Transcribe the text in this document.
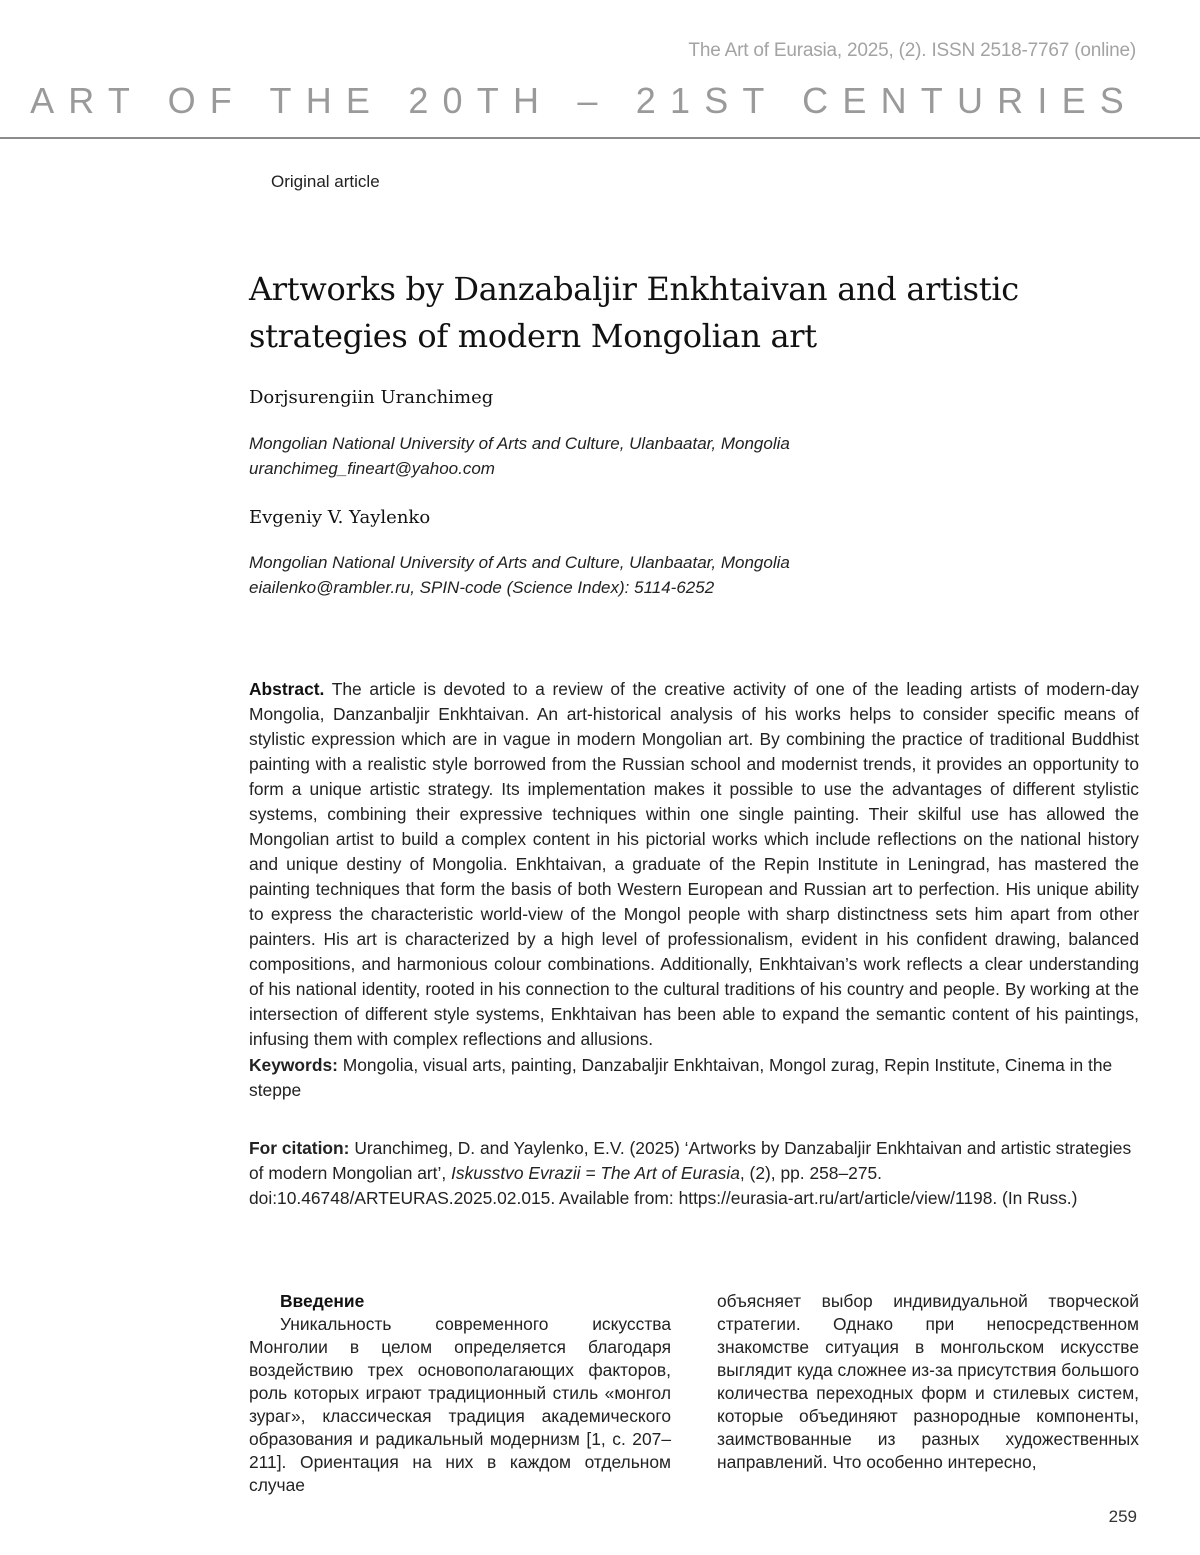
The Art of Eurasia, 2025, (2). ISSN 2518-7767 (online)
ART OF THE 20TH – 21ST CENTURIES
Original article
Artworks by Danzabaljir Enkhtaivan and artistic
strategies of modern Mongolian art
Dorjsurengiin Uranchimeg
Mongolian National University of Arts and Culture, Ulanbaatar, Mongolia
uranchimeg_fineart@yahoo.com
Evgeniy V. Yaylenko
Mongolian National University of Arts and Culture, Ulanbaatar, Mongolia
eiailenko@rambler.ru, SPIN-code (Science Index): 5114-6252
Abstract. The article is devoted to a review of the creative activity of one of the leading artists of modern-day Mongolia, Danzanbaljir Enkhtaivan. An art-historical analysis of his works helps to consider specific means of stylistic expression which are in vague in modern Mongolian art. By combining the practice of traditional Buddhist painting with a realistic style borrowed from the Russian school and modernist trends, it provides an opportunity to form a unique artistic strategy. Its implementation makes it possible to use the advantages of different stylistic systems, combining their expressive techniques within one single painting. Their skilful use has allowed the Mongolian artist to build a complex content in his pictorial works which include reflections on the national history and unique destiny of Mongolia. Enkhtaivan, a graduate of the Repin Institute in Leningrad, has mastered the painting techniques that form the basis of both Western European and Russian art to perfection. His unique ability to express the characteristic world-view of the Mongol people with sharp distinctness sets him apart from other painters. His art is characterized by a high level of professionalism, evident in his confident drawing, balanced compositions, and harmonious colour combinations. Additionally, Enkhtaivan’s work reflects a clear understanding of his national identity, rooted in his connection to the cultural traditions of his country and people. By working at the intersection of different style systems, Enkhtaivan has been able to expand the semantic content of his paintings, infusing them with complex reflections and allusions.
Keywords: Mongolia, visual arts, painting, Danzabaljir Enkhtaivan, Mongol zurag, Repin Institute, Cinema in the steppe
For citation: Uranchimeg, D. and Yaylenko, E.V. (2025) ‘Artworks by Danzabaljir Enkhtaivan and artistic strategies of modern Mongolian art’, Iskusstvo Evrazii = The Art of Eurasia, (2), pp. 258–275. doi:10.46748/ARTEURAS.2025.02.015. Available from: https://eurasia-art.ru/art/article/view/1198. (In Russ.)
Введение

Уникальность современного искусства Монголии в целом определяется благодаря воздействию трех основополагающих факторов, роль которых играют традиционный стиль «монгол зураг», классическая традиция академического образования и радикальный модернизм [1, с. 207–211]. Ориентация на них в каждом отдельном случае

объясняет выбор индивидуальной творческой стратегии. Однако при непосредственном знакомстве ситуация в монгольском искусстве выглядит куда сложнее из-за присутствия большого количества переходных форм и стилевых систем, которые объединяют разнородные компоненты, заимствованные из разных художественных направлений. Что особенно интересно,

259
